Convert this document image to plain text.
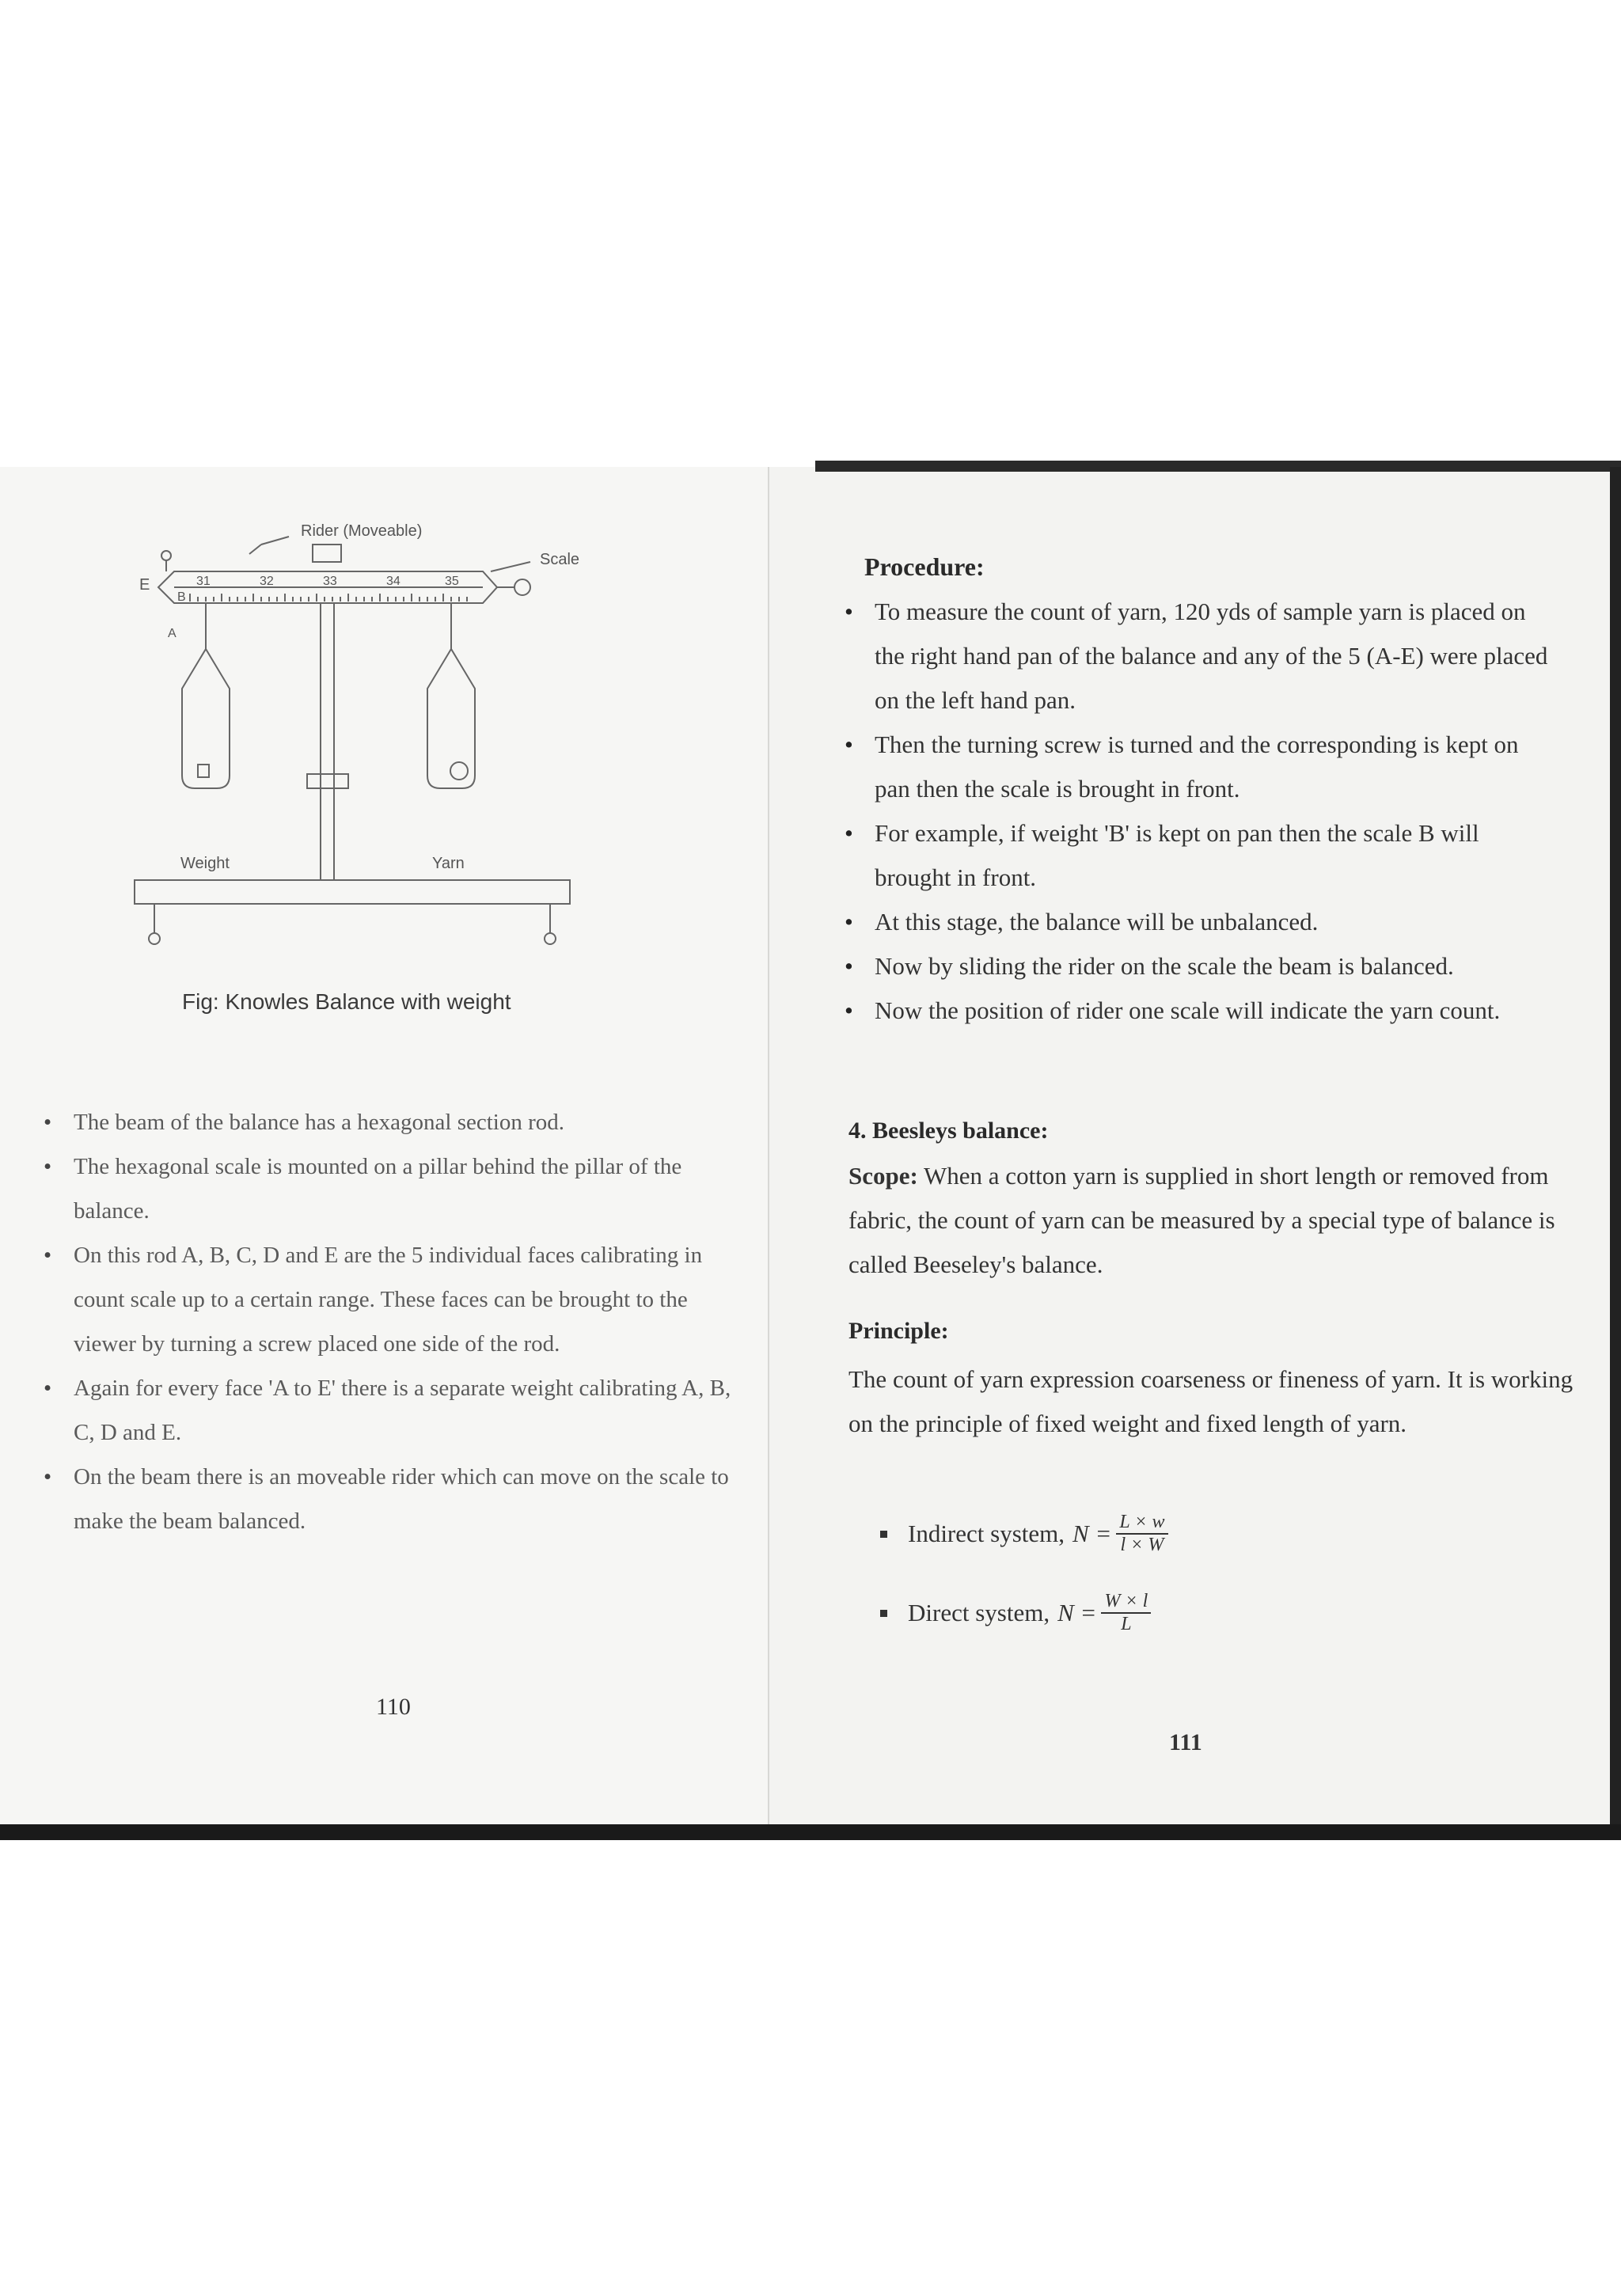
Rider (Moveable)
Scale
E
B
A
31	32	33	34	35
Weight	Yarn
Fig: Knowles Balance with weight
• The beam of the balance has a hexagonal section rod.
• The hexagonal scale is mounted on a pillar behind the pillar of the balance.
• On this rod A, B, C, D and E are the 5 individual faces calibrating in count scale up to a certain range. These faces can be brought to the viewer by turning a screw placed one side of the rod.
• Again for every face 'A to E' there is a separate weight calibrating A, B, C, D and E.
• On the beam there is an moveable rider which can move on the scale to make the beam balanced.
110
Procedure:
• To measure the count of yarn, 120 yds of sample yarn is placed on the right hand pan of the balance and any of the 5 (A-E) were placed on the left hand pan.
• Then the turning screw is turned and the corresponding is kept on pan then the scale is brought in front.
• For example, if weight 'B' is kept on pan then the scale B will brought in front.
• At this stage, the balance will be unbalanced.
• Now by sliding the rider on the scale the beam is balanced.
• Now the position of rider one scale will indicate the yarn count.
4. Beesleys balance:
Scope: When a cotton yarn is supplied in short length or removed from fabric, the count of yarn can be measured by a special type of balance is called Beeseley's balance.
Principle:
The count of yarn expression coarseness or fineness of yarn. It is working on the principle of fixed weight and fixed length of yarn.
Indirect system, $N = \frac{L \times w}{l \times W}$
Direct system, $N = \frac{W \times l}{L}$
111
